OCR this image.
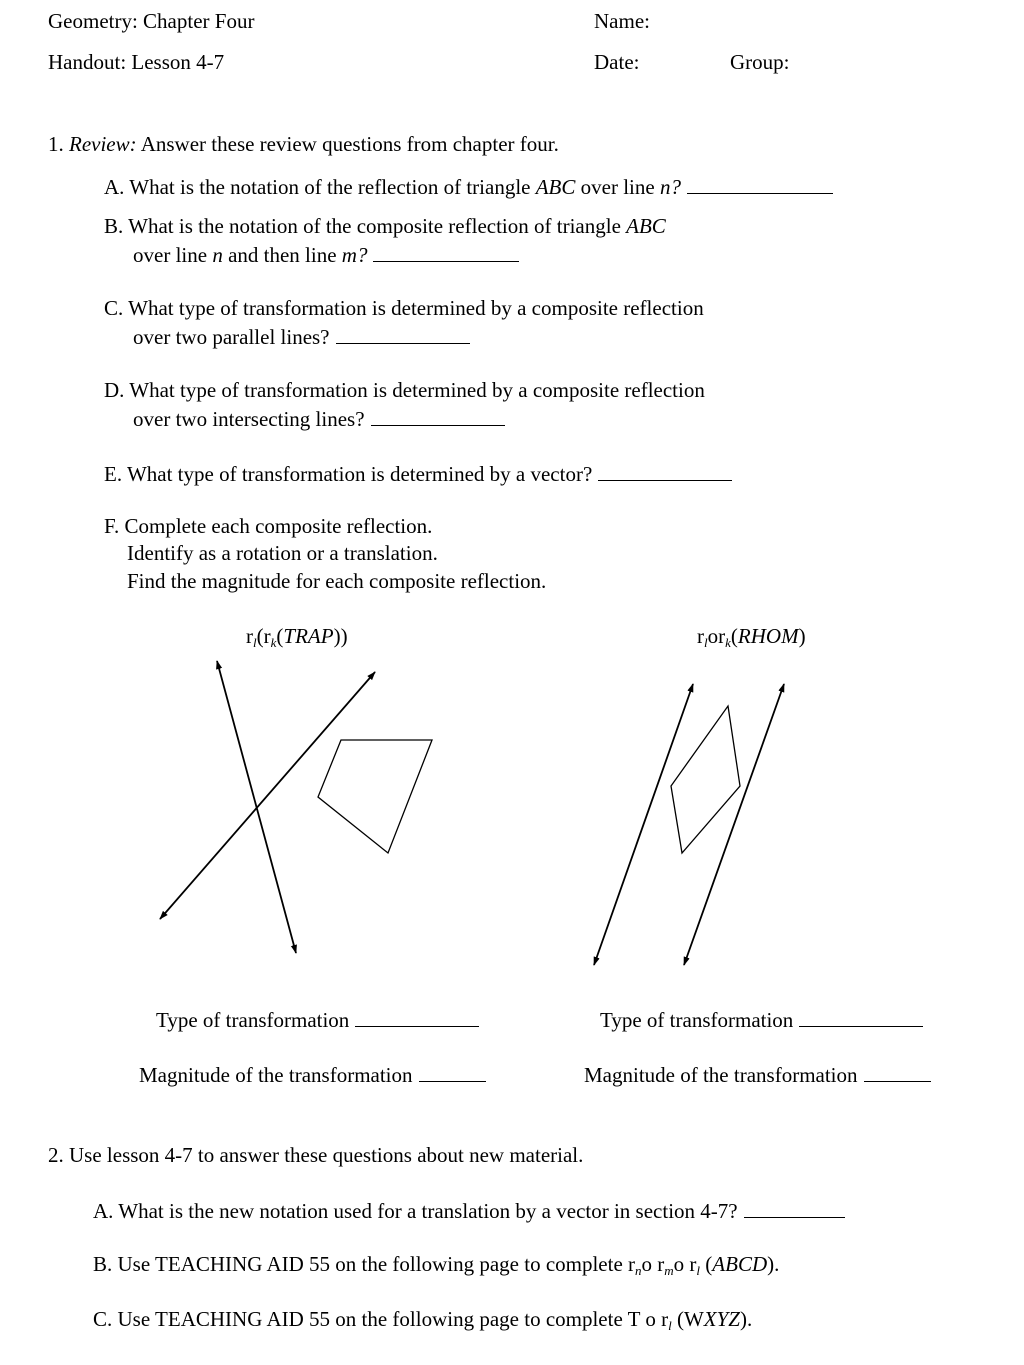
Geometry: Chapter Four
Handout: Lesson 4-7
Name:
Date:	Group:
1. Review: Answer these review questions from chapter four.
A. What is the notation of the reflection of triangle ABC over line n?
B. What is the notation of the composite reflection of triangle ABC
over line n and then line m?
C. What type of transformation is determined by a composite reflection
over two parallel lines?
D. What type of transformation is determined by a composite reflection
over two intersecting lines?
E. What type of transformation is determined by a vector?
F. Complete each composite reflection.
Identify as a rotation or a translation.
Find the magnitude for each composite reflection.
$r_l(r_k(TRAP))$	$r_lor_k(RHOM)$
Type of transformation
Magnitude of the transformation
Type of transformation
Magnitude of the transformation
2. Use lesson 4-7 to answer these questions about new material.
A. What is the new notation used for a translation by a vector in section 4-7?
B. Use TEACHING AID 55 on the following page to complete $r_no$ $r_mo$ $r_l$ (ABCD).
C. Use TEACHING AID 55 on the following page to complete T o $r_l$ (WXYZ).
